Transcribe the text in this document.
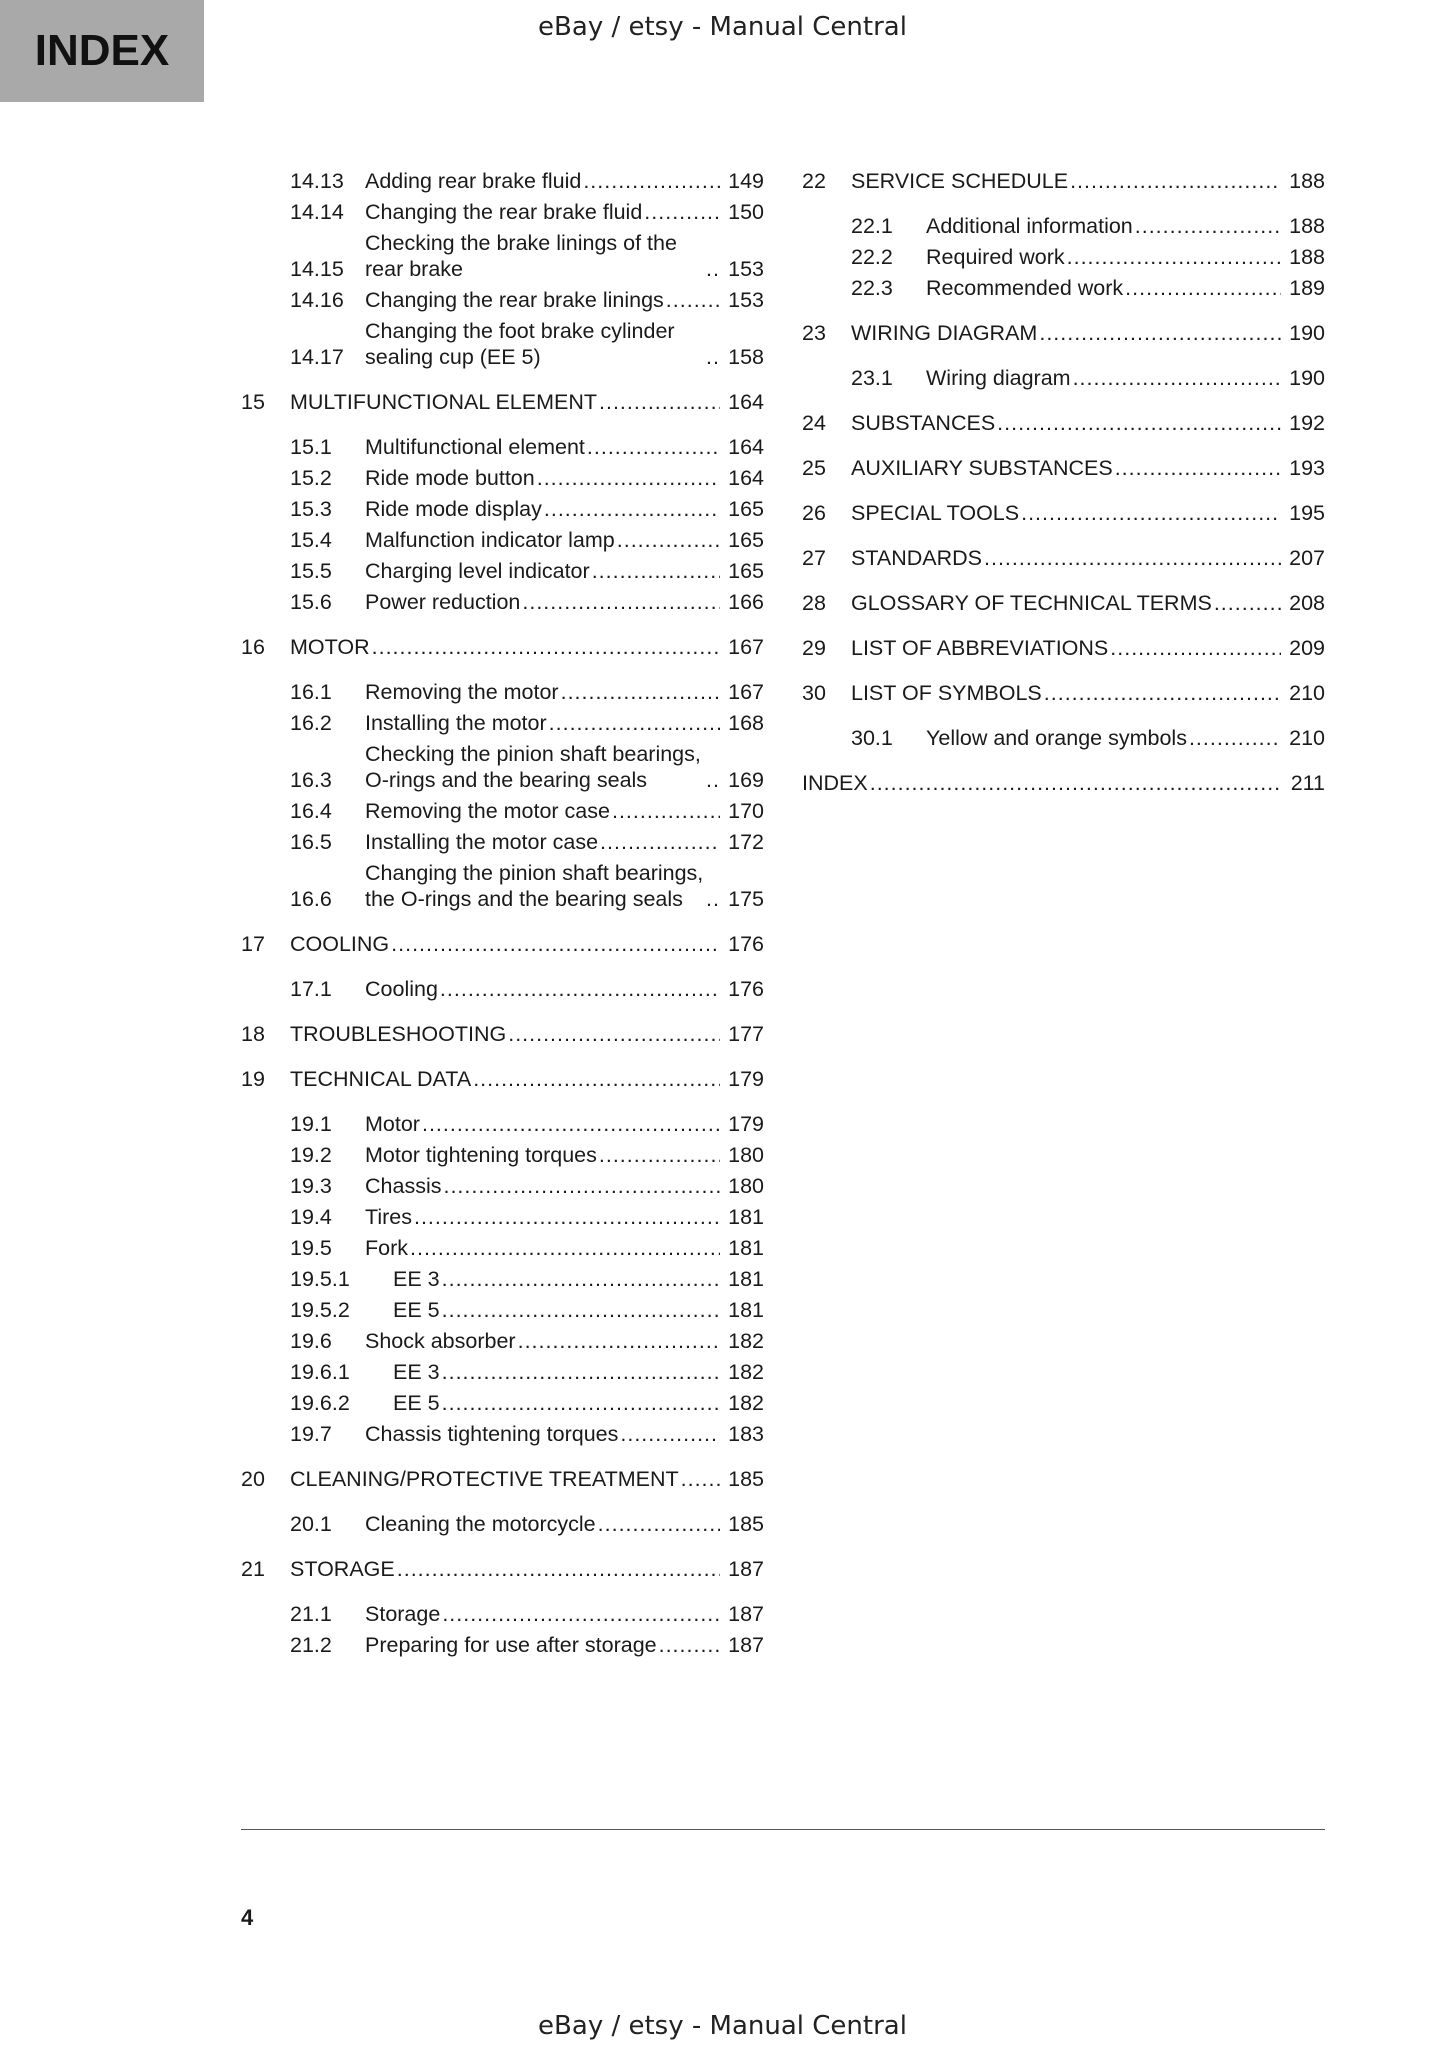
INDEX	eBay / etsy - Manual Central
14.13 Adding rear brake fluid .....	149
14.14 Changing the rear brake fluid .....	150
14.15
Checking the brake linings of the rear brake .....	153
14.16 Changing the rear brake linings .....	153
14.17
Changing the foot brake cylinder sealing cup (EE 5) .....	158
15	MULTIFUNCTIONAL ELEMENT .....	164
15.1	Multifunctional element .....	164
15.2	Ride mode button .....	164
15.3	Ride mode display .....	165
15.4	Malfunction indicator lamp .....	165
15.5	Charging level indicator .....	165
15.6	Power reduction .....	166
16	MOTOR .....	167
16.1	Removing the motor .....	167
16.2	Installing the motor .....	168
16.3
Checking the pinion shaft bearings, O-rings and the bearing seals .....	169
16.4	Removing the motor case .....	170
16.5	Installing the motor case .....	172
16.6
Changing the pinion shaft bearings, the O-rings and the bearing seals .....	175
17	COOLING .....	176
17.1	Cooling .....	176
18	TROUBLESHOOTING .....	177
19	TECHNICAL DATA .....	179
19.1	Motor .....	179
19.2	Motor tightening torques .....	180
19.3	Chassis .....	180
19.4	Tires .....	181
19.5	Fork .....	181
19.5.1	EE 3 .....	181
19.5.2	EE 5 .....	181
19.6	Shock absorber .....	182
19.6.1	EE 3 .....	182
19.6.2	EE 5 .....	182
19.7	Chassis tightening torques .....	183
20	CLEANING/PROTECTIVE TREATMENT ..... 185
20.1	Cleaning the motorcycle .....	185
21	STORAGE .....	187
21.1	Storage .....	187
21.2	Preparing for use after storage .....	187
22	SERVICE SCHEDULE .....	188
22.1	Additional information .....	188
22.2	Required work .....	188
22.3	Recommended work .....	189
23	WIRING DIAGRAM .....	190
23.1	Wiring diagram .....	190
24	SUBSTANCES .....	192
25	AUXILIARY SUBSTANCES .....	193
26	SPECIAL TOOLS .....	195
27	STANDARDS .....	207
28	GLOSSARY OF TECHNICAL TERMS .....	208
29	LIST OF ABBREVIATIONS .....	209
30	LIST OF SYMBOLS .....	210
30.1	Yellow and orange symbols .....	210
INDEX .....	211
4
eBay / etsy - Manual Central
